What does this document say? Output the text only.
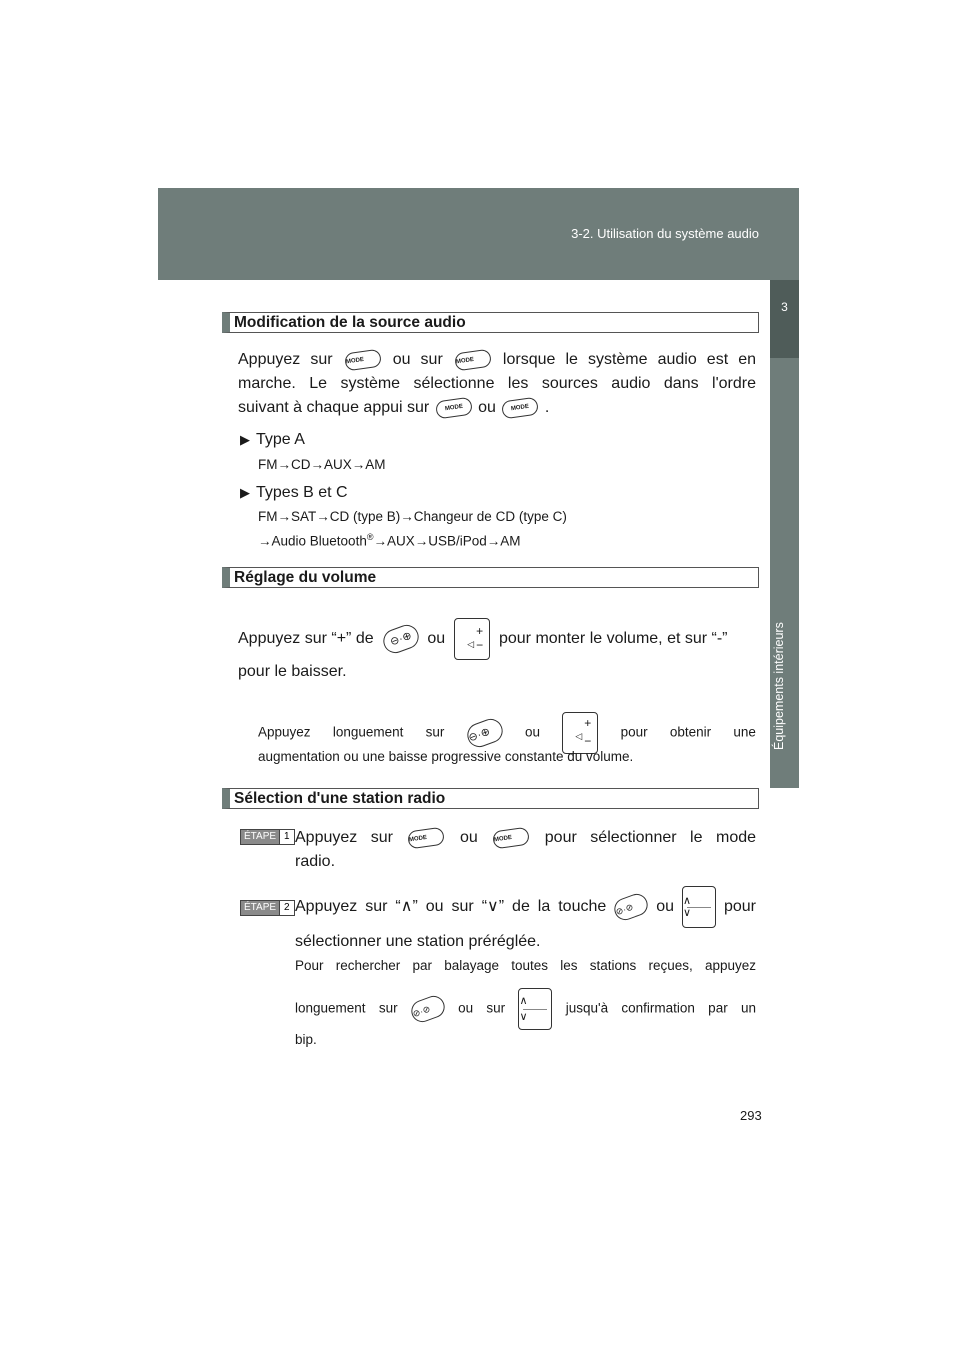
3-2. Utilisation du système audio
3
Équipements intérieurs
Modification de la source audio
Appuyez sur MODE ou sur MODE lorsque le système audio est en
marche. Le système sélectionne les sources audio dans l'ordre
suivant à chaque appui sur	MODE ou	MODE .
▶ Type A
FM→CD→AUX→AM
▶ Types B et C
FM→SAT→CD (type B)→Changeur de CD (type C)
→Audio Bluetooth®→AUX→USB/iPod→AM
Réglage du volume
Appuyez sur “+” de ⊖·⊕ ou	+
◁ − pour monter le volume, et sur “-”
pour le baisser.
Appuyez longuement sur ⊖·⊕ ou
+
◁ −
pour obtenir une
augmentation ou une baisse progressive constante du volume.
Sélection d'une station radio
ÉTAPE 1 Appuyez sur	MODE ou	MODE pour sélectionner le mode
radio.
ÉTAPE 2 Appuyez sur “∧” ou sur “∨” de la touche ⊘·⊘ ou ∧
∨	pour
sélectionner une station préréglée.
Pour rechercher par balayage toutes les stations reçues, appuyez
longuement sur ⊘·⊘ ou sur ∧
∨
jusqu'à confirmation par un
bip.
293
